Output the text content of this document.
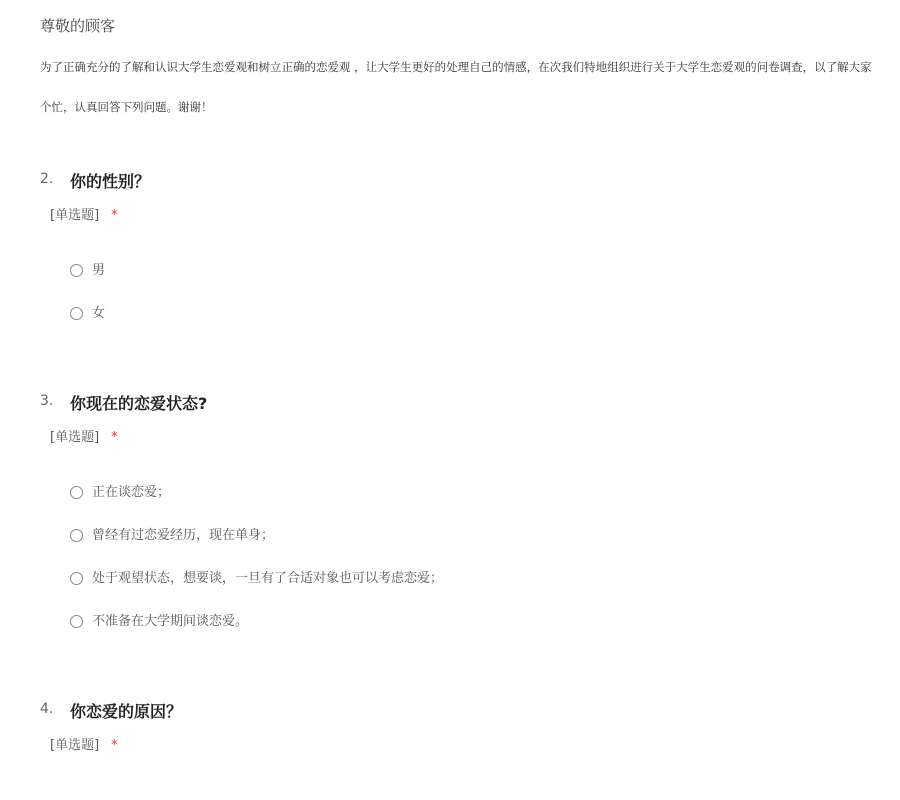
尊敬的顾客
为了正确充分的了解和认识大学生恋爱观和树立正确的恋爱观 ，让大学生更好的处理自己的情感，在次我们特地组织进行关于大学生恋爱观的问卷调查，以了解大家
个忙，认真回答下列问题。谢谢！
2. 你的性别？
[单选题] *
男
女
3. 你现在的恋爱状态?
[单选题] *
正在谈恋爱；
曾经有过恋爱经历，现在单身；
处于观望状态，想要谈，一旦有了合适对象也可以考虑恋爱；
不准备在大学期间谈恋爱。
4. 你恋爱的原因？
[单选题] *
